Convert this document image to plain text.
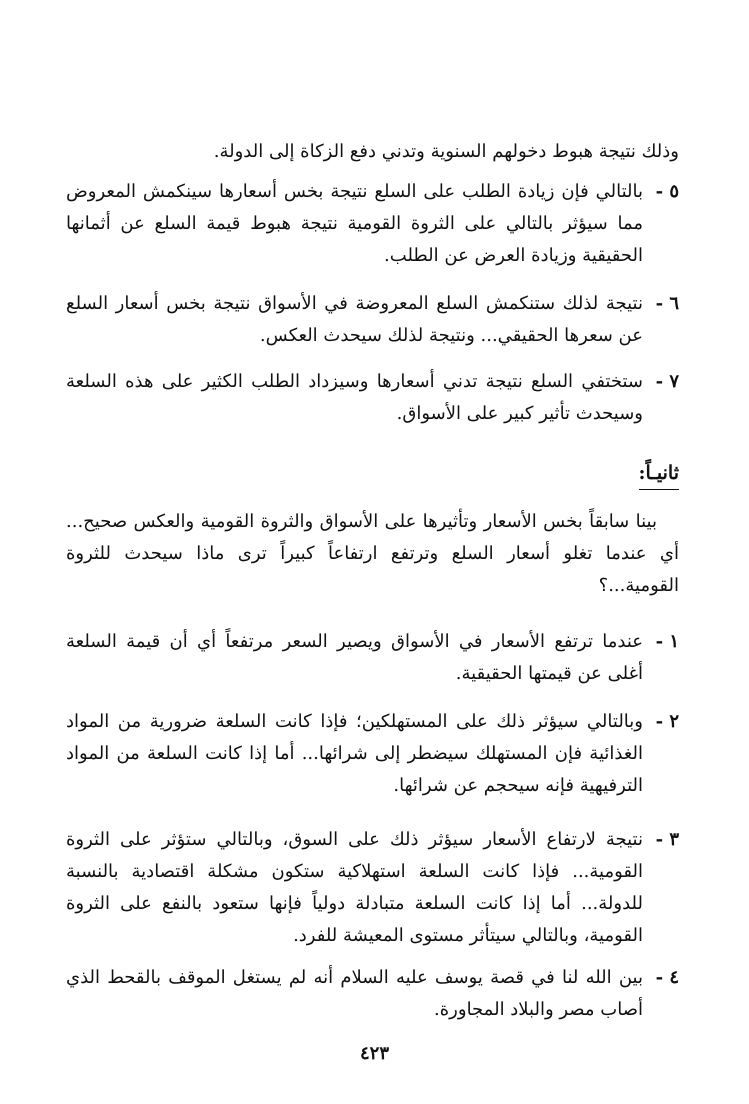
وذلك نتيجة هبوط دخولهم السنوية وتدني دفع الزكاة إلى الدولة.
٥ -
بالتالي فإن زيادة الطلب على السلع نتيجة بخس أسعارها سينكمش المعروض مما سيؤثر بالتالي على الثروة القومية نتيجة هبوط قيمة السلع عن أثمانها الحقيقية وزيادة العرض عن الطلب.
٦ -
نتيجة لذلك ستنكمش السلع المعروضة في الأسواق نتيجة بخس أسعار السلع عن سعرها الحقيقي... ونتيجة لذلك سيحدث العكس.
٧ -
ستختفي السلع نتيجة تدني أسعارها وسيزداد الطلب الكثير على هذه السلعة وسيحدث تأثير كبير على الأسواق.
ثانيـاً:
بينا سابقاً بخس الأسعار وتأثيرها على الأسواق والثروة القومية والعكس صحيح... أي عندما تغلو أسعار السلع وترتفع ارتفاعاً كبيراً ترى ماذا سيحدث للثروة القومية...؟
١ -
عندما ترتفع الأسعار في الأسواق ويصير السعر مرتفعاً أي أن قيمة السلعة أغلى عن قيمتها الحقيقية.
٢ -
وبالتالي سيؤثر ذلك على المستهلكين؛ فإذا كانت السلعة ضرورية من المواد الغذائية فإن المستهلك سيضطر إلى شرائها... أما إذا كانت السلعة من المواد الترفيهية فإنه سيحجم عن شرائها.
٣ -
نتيجة لارتفاع الأسعار سيؤثر ذلك على السوق، وبالتالي ستؤثر على الثروة القومية... فإذا كانت السلعة استهلاكية ستكون مشكلة اقتصادية بالنسبة للدولة... أما إذا كانت السلعة متبادلة دولياً فإنها ستعود بالنفع على الثروة القومية، وبالتالي سيتأثر مستوى المعيشة للفرد.
٤ -
بين الله لنا في قصة يوسف عليه السلام أنه لم يستغل الموقف بالقحط الذي أصاب مصر والبلاد المجاورة.
٤٢٣
